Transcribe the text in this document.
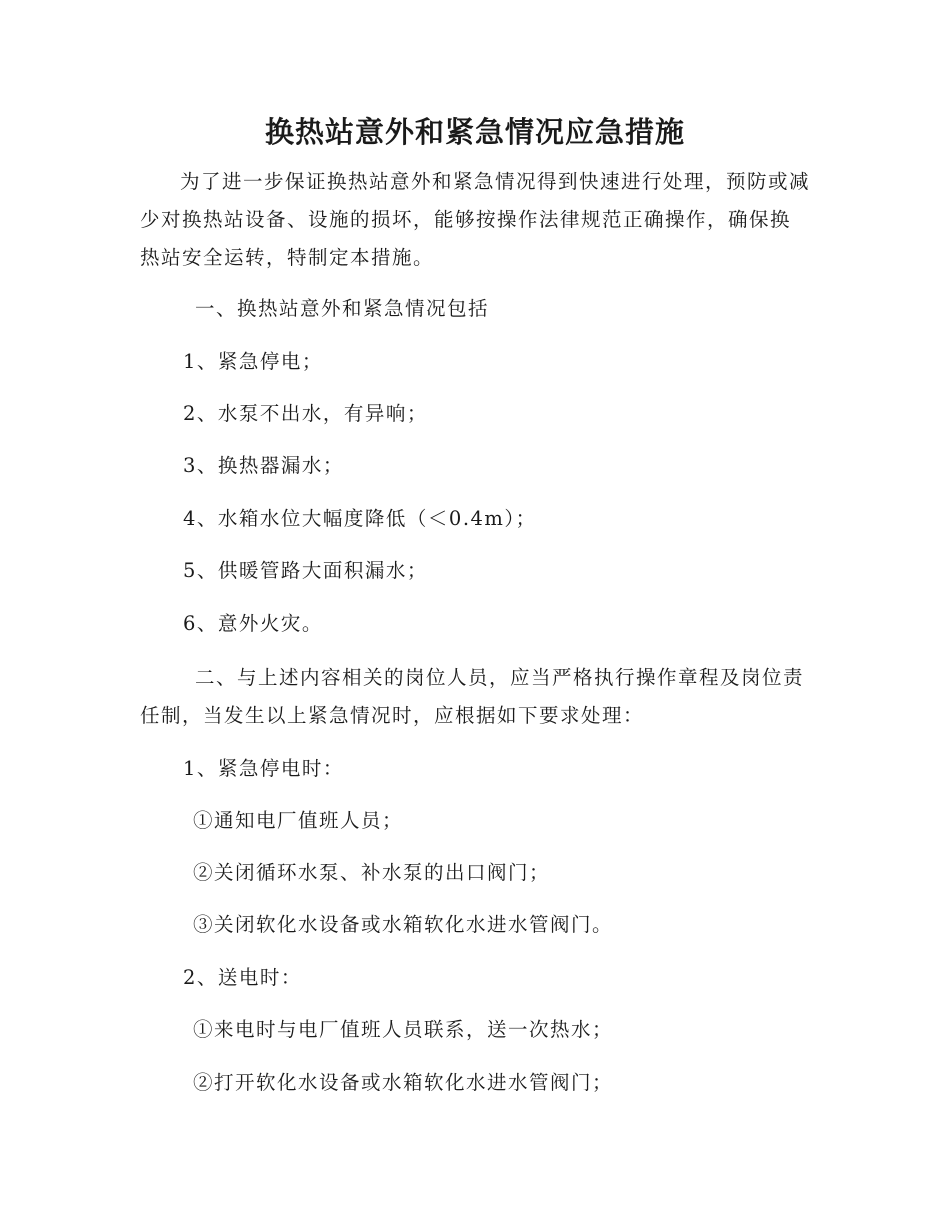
换热站意外和紧急情况应急措施

为了进一步保证换热站意外和紧急情况得到快速进行处理，预防或减少对换热站设备、设施的损坏，能够按操作法律规范正确操作，确保换热站安全运转，特制定本措施。

一、换热站意外和紧急情况包括

1、紧急停电；

2、水泵不出水，有异响；

3、换热器漏水；

4、水箱水位大幅度降低（＜0.4m）；

5、供暖管路大面积漏水；

6、意外火灾。

二、与上述内容相关的岗位人员，应当严格执行操作章程及岗位责任制，当发生以上紧急情况时，应根据如下要求处理：

1、紧急停电时：

①通知电厂值班人员；

②关闭循环水泵、补水泵的出口阀门；

③关闭软化水设备或水箱软化水进水管阀门。

2、送电时：

①来电时与电厂值班人员联系，送一次热水；

②打开软化水设备或水箱软化水进水管阀门；
